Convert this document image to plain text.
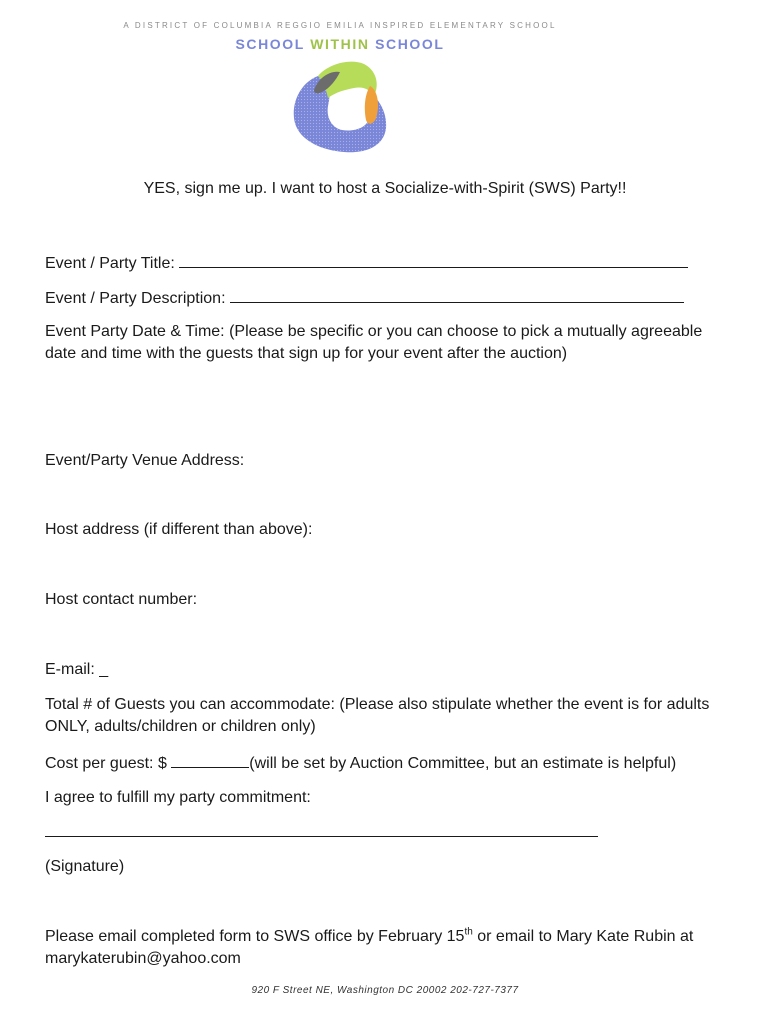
A DISTRICT OF COLUMBIA REGGIO EMILIA INSPIRED ELEMENTARY SCHOOL
SCHOOL WITHIN SCHOOL
YES, sign me up. I want to host a Socialize-with-Spirit (SWS) Party!!
Event / Party Title:
Event / Party Description:
Event Party Date & Time: (Please be specific or you can choose to pick a mutually agreeable date and time with the guests that sign up for your event after the auction)
Event/Party Venue Address:
Host address (if different than above):
Host contact number:
E-mail: _
Total # of Guests you can accommodate: (Please also stipulate whether the event is for adults ONLY, adults/children or children only)
Cost per guest: $	(will be set by Auction Committee, but an estimate is helpful)
I agree to fulfill my party commitment:
(Signature)
Please email completed form to SWS office by February 15th or email to Mary Kate Rubin at marykaterubin@yahoo.com
920 F Street NE, Washington DC 20002 202-727-7377
